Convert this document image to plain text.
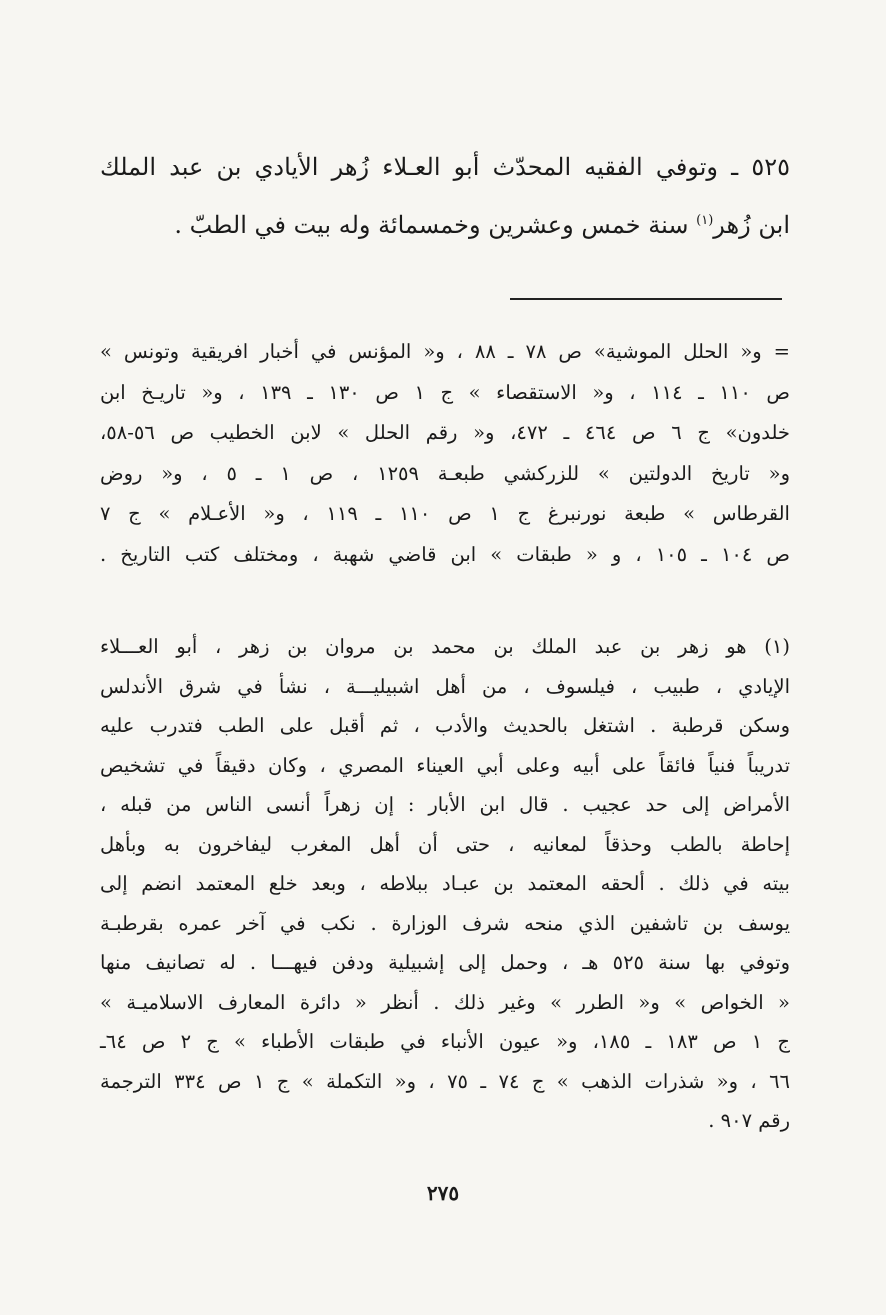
٥٢٥ ـ وتوفي الفقيه المحدّث أبو العـلاء زُهر الأيادي بن عبد الملك
ابن زُهر$^{(١)}$ سنة خمس وعشرين وخمسمائة وله بيت في الطبّ .
= و« الحلل الموشية» ص ٧٨ ـ ٨٨ ، و« المؤنس في أخبار افريقية وتونس »
ص ١١٠ ـ ١١٤ ، و« الاستقصاء » ج ١ ص ١٣٠ ـ ١٣٩ ، و« تاريـخ ابن
خلدون» ج ٦ ص ٤٦٤ ـ ٤٧٢، و« رقم الحلل » لابن الخطيب ص ٥٦-٥٨،
و« تاريخ الدولتين » للزركشي طبعـة ١٢٥٩ ، ص ١ ـ ٥ ، و« روض
القرطاس » طبعة نورنبرغ ج ١ ص ١١٠ ـ ١١٩ ، و« الأعـلام » ج ٧
ص ١٠٤ ـ ١٠٥ ، و « طبقات » ابن قاضي شهبة ، ومختلف كتب التاريخ .
(١) هو زهر بن عبد الملك بن محمد بن مروان بن زهر ، أبو العـــلاء
الإيادي ، طبيب ، فيلسوف ، من أهل اشبيليـــة ، نشأ في شرق الأندلس
وسكن قرطبة . اشتغل بالحديث والأدب ، ثم أقبل على الطب فتدرب عليه
تدريباً فنياً فائقاً على أبيه وعلى أبي العيناء المصري ، وكان دقيقاً في تشخيص
الأمراض إلى حد عجيب . قال ابن الأبار : إن زهراً أنسى الناس من قبله ،
إحاطة بالطب وحذقاً لمعانيه ، حتى أن أهل المغرب ليفاخرون به وبأهل
بيته في ذلك . ألحقه المعتمد بن عبـاد ببلاطه ، وبعد خلع المعتمد انضم إلى
يوسف بن تاشفين الذي منحه شرف الوزارة . نكب في آخر عمره بقرطبـة
وتوفي بها سنة ٥٢٥ هـ ، وحمل إلى إشبيلية ودفن فيهـــا . له تصانيف منها
« الخواص » و« الطرر » وغير ذلك . أنظر « دائرة المعارف الاسلاميـة »
ج ١ ص ١٨٣ ـ ١٨٥، و« عيون الأنباء في طبقات الأطباء » ج ٢ ص ٦٤ـ
٦٦ ، و« شذرات الذهب » ج ٧٤ ـ ٧٥ ، و« التكملة » ج ١ ص ٣٣٤ الترجمة
رقم ٩٠٧ .
٢٧٥
